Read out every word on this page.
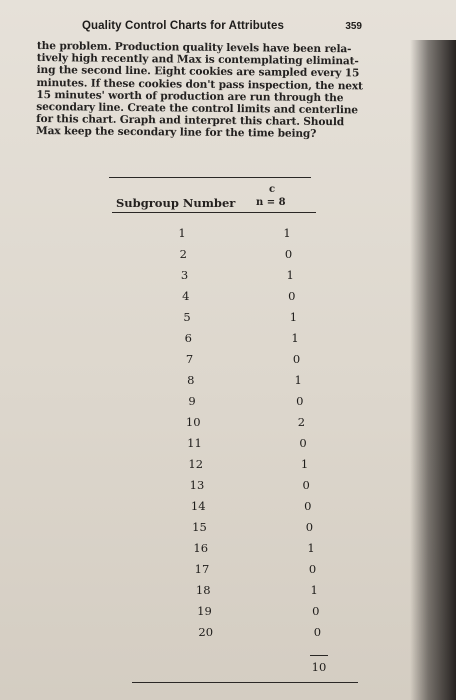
Quality Control Charts for Attributes	359

the problem. Production quality levels have been rela-
tively high recently and Max is contemplating eliminat-
ing the second line. Eight cookies are sampled every 15
minutes. If these cookies don't pass inspection, the next
15 minutes' worth of production are run through the
secondary line. Create the control limits and centerline
for this chart. Graph and interpret this chart. Should
Max keep the secondary line for the time being?

Subgroup Number
c
n = 8
1	1
2	0
3	1
4	0
5	1
6	1
7	0
8	1
9	0
10	2
11	0
12	1
13	0
14	0
15	0
16	1
17	0
18	1
19	0
20	0
10
